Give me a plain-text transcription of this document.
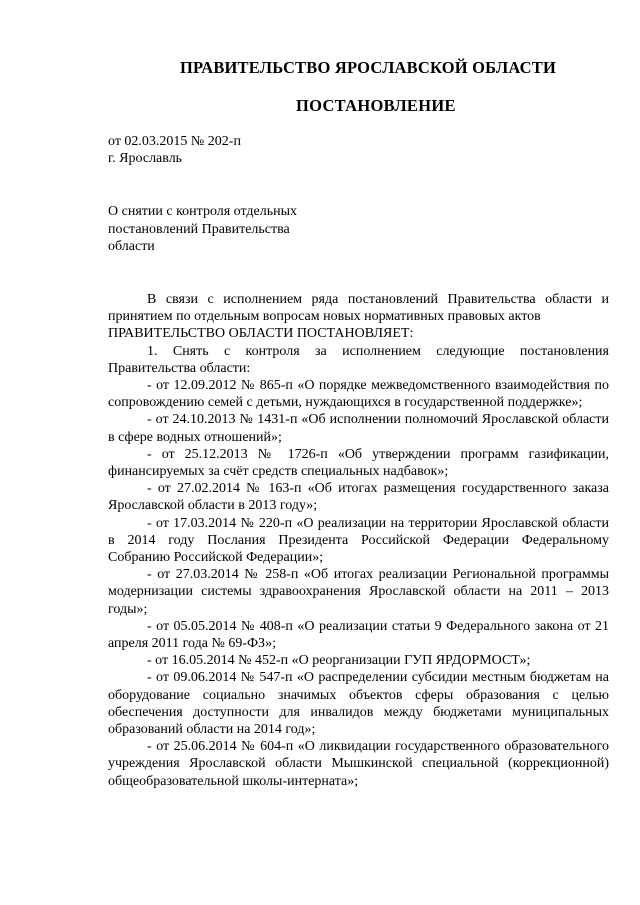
ПРАВИТЕЛЬСТВО ЯРОСЛАВСКОЙ ОБЛАСТИ
ПОСТАНОВЛЕНИЕ
от 02.03.2015 № 202-п
г. Ярославль
О снятии с контроля отдельных
постановлений Правительства
области

В связи с исполнением ряда постановлений Правительства области и принятием по отдельным вопросам новых нормативных правовых актов

ПРАВИТЕЛЬСТВО ОБЛАСТИ ПОСТАНОВЛЯЕТ:

1. Снять с контроля за исполнением следующие постановления Правительства области:

- от 12.09.2012 № 865-п «О порядке межведомственного взаимодействия по сопровождению семей с детьми, нуждающихся в государственной поддержке»;

- от 24.10.2013 № 1431-п «Об исполнении полномочий Ярославской области в сфере водных отношений»;

- от 25.12.2013 № 1726-п «Об утверждении программ газификации, финансируемых за счёт средств специальных надбавок»;

- от 27.02.2014 № 163-п «Об итогах размещения государственного заказа Ярославской области в 2013 году»;

- от 17.03.2014 № 220-п «О реализации на территории Ярославской области в 2014 году Послания Президента Российской Федерации Федеральному Собранию Российской Федерации»;

- от 27.03.2014 № 258-п «Об итогах реализации Региональной программы модернизации системы здравоохранения Ярославской области на 2011 – 2013 годы»;

- от 05.05.2014 № 408-п «О реализации статьи 9 Федерального закона от 21 апреля 2011 года № 69-ФЗ»;

- от 16.05.2014 № 452-п «О реорганизации ГУП ЯРДОРМОСТ»;

- от 09.06.2014 № 547-п «О распределении субсидии местным бюджетам на оборудование социально значимых объектов сферы образования с целью обеспечения доступности для инвалидов между бюджетами муниципальных образований области на 2014 год»;

- от 25.06.2014 № 604-п «О ликвидации государственного образовательного учреждения Ярославской области Мышкинской специальной (коррекционной) общеобразовательной школы-интерната»;
